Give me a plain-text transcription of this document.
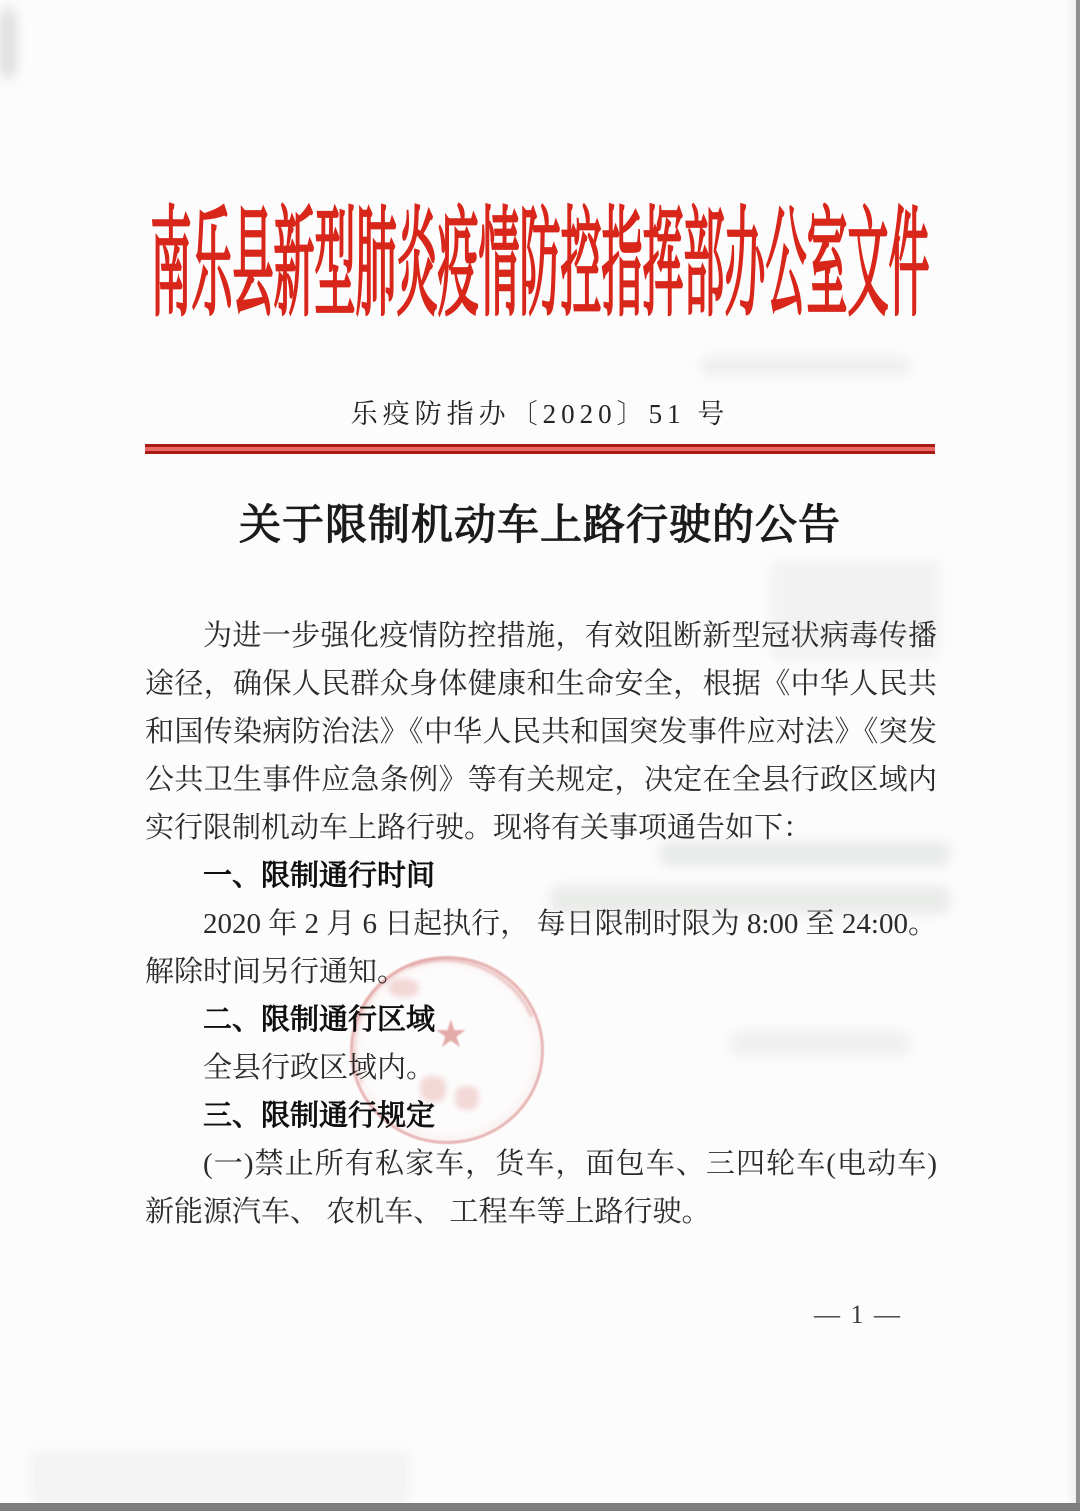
南乐县新型肺炎疫情防控指挥部办公室文件
乐疫防指办〔2020〕51 号
关于限制机动车上路行驶的公告

为进一步强化疫情防控措施，有效阻断新型冠状病毒传播途径，确保人民群众身体健康和生命安全，根据《中华人民共和国传染病防治法》《中华人民共和国突发事件应对法》《突发公共卫生事件应急条例》等有关规定，决定在全县行政区域内实行限制机动车上路行驶。现将有关事项通告如下：

一、限制通行时间

2020 年 2 月 6 日起执行， 每日限制时限为 8:00 至 24:00。解除时间另行通知。

二、限制通行区域

全县行政区域内。

三、限制通行规定

(一)禁止所有私家车，货车，面包车、三四轮车(电动车)新能源汽车、 农机车、 工程车等上路行驶。

★
— 1 —
